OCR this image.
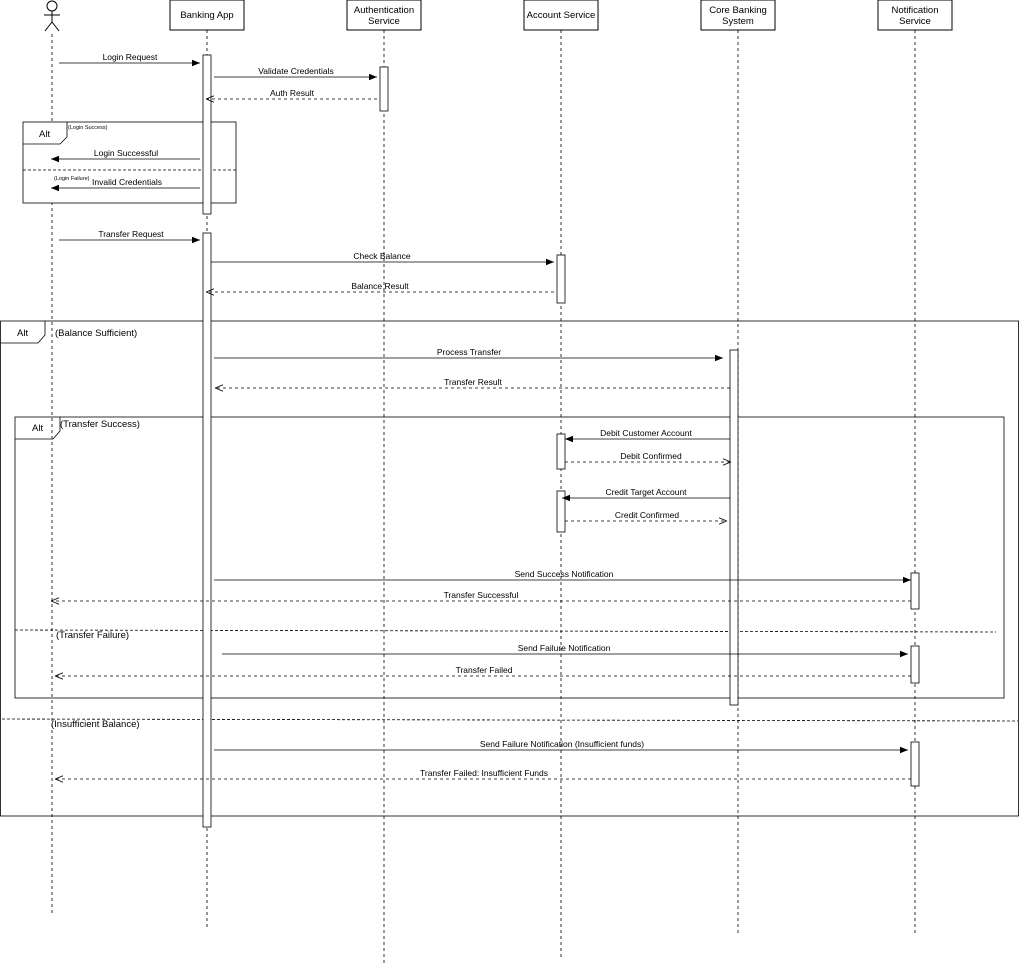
Banking App	Authentication
Service
Account Service	Core Banking
System
Notification
Service
Alt	(Balance Sufficient)
(Insufficient Balance)
Alt (Transfer Success)
(Transfer Failure)
Alt
(Login Success)
(Login Failure)
Login Request
Validate Credentials
Auth Result
Login Successful
Invalid Credentials
Transfer Request
Check Balance
Balance Result
Process Transfer
Transfer Result
Debit Customer Account
Debit Confirmed
Credit Target Account
Credit Confirmed
Send Success Notification
Transfer Successful
Send Failure Notification
Transfer Failed
Send Failure Notification (Insufficient funds)
Transfer Failed: Insufficient Funds
